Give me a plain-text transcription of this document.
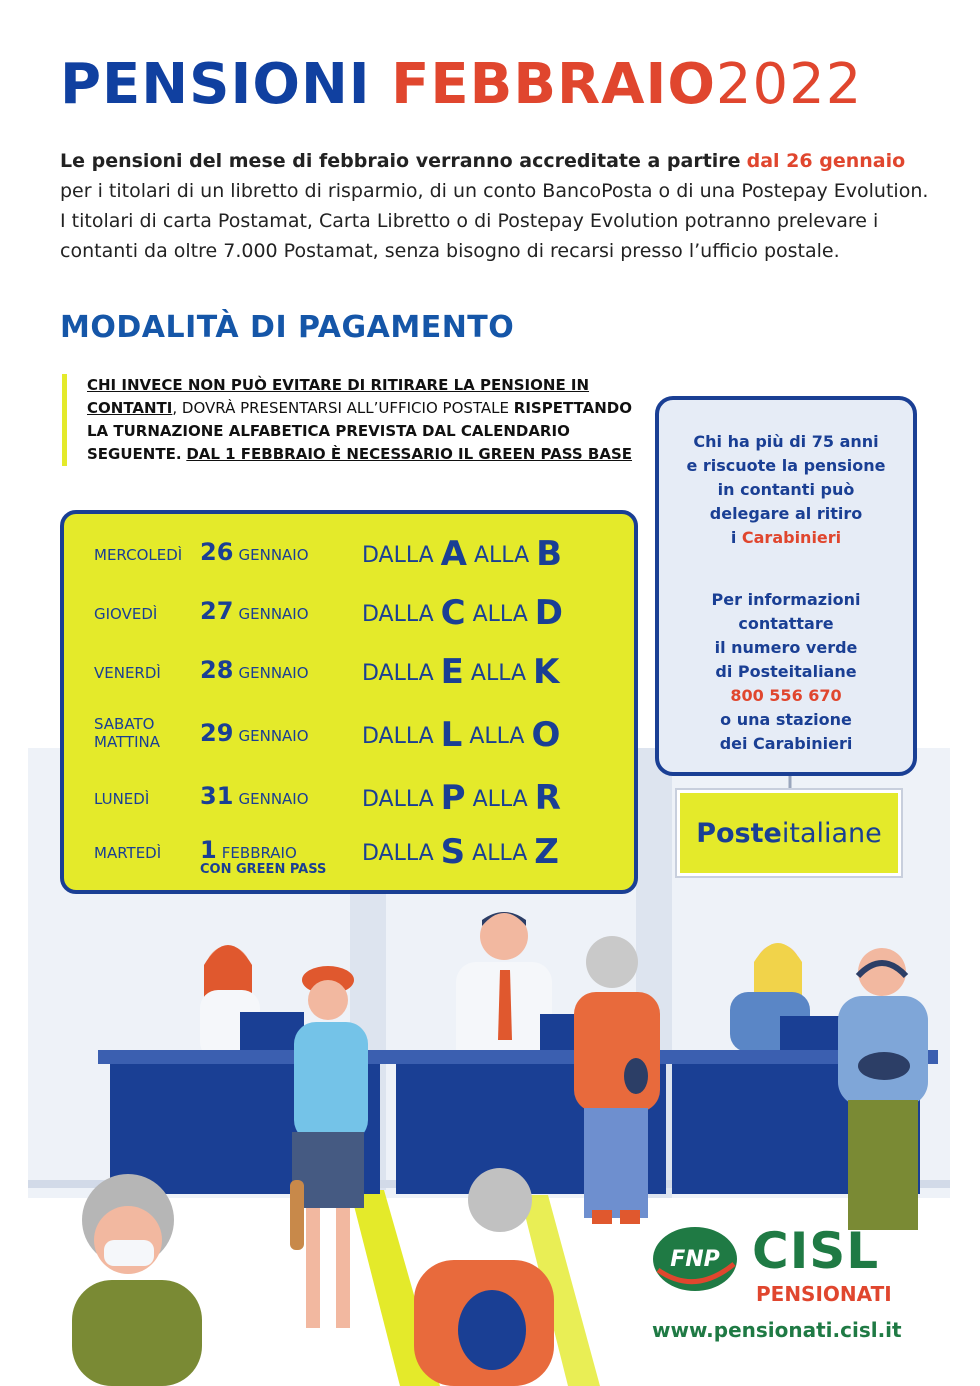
PENSIONI FEBBRAIO2022

Le pensioni del mese di febbraio verranno accreditate a partire dal 26 gennaio per i titolari di un libretto di risparmio, di un conto BancoPosta o di una Postepay Evolution. I titolari di carta Postamat, Carta Libretto o di Postepay Evolution potranno prelevare i contanti da oltre 7.000 Postamat, senza bisogno di recarsi presso l’ufficio postale.

MODALITÀ DI PAGAMENTO
CHI INVECE NON PUÒ EVITARE DI RITIRARE LA PENSIONE IN CONTANTI, DOVRÀ PRESENTARSI ALL’UFFICIO POSTALE RISPETTANDO LA TURNAZIONE ALFABETICA PREVISTA DAL CALENDARIO SEGUENTE. DAL 1 FEBBRAIO È NECESSARIO IL GREEN PASS BASE
MERCOLEDÌ 26 GENNAIO DALLA A ALLA B
GIOVEDÌ 27 GENNAIO DALLA C ALLA D
VENERDÌ 28 GENNAIO DALLA E ALLA K
SABATO
MATTINA 29 GENNAIO DALLA L ALLA O
LUNEDÌ 31 GENNAIO DALLA P ALLA R
MARTEDÌ 1 FEBBRAIO
CON GREEN PASS
DALLA S ALLA Z
Chi ha più di 75 anni
e riscuote la pensione
in contanti può
delegare al ritiro
i Carabinieri
Per informazioni
contattare
il numero verde
di Posteitaliane
800 556 670
o una stazione
dei Carabinieri
Poste italiane
FNP CISL
PENSIONATI
www.pensionati.cisl.it
